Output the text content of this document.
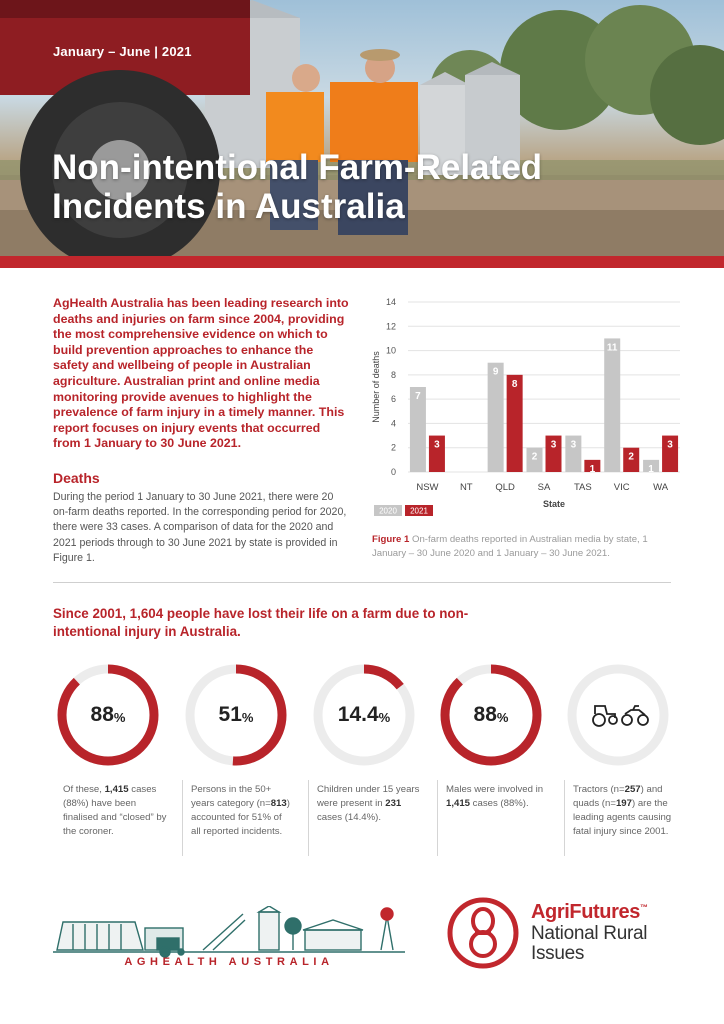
January – June | 2021
Non-intentional Farm-Related Incidents in Australia

AgHealth Australia has been leading research into deaths and injuries on farm since 2004, providing the most comprehensive evidence on which to build prevention approaches to enhance the safety and wellbeing of people in Australian agriculture. Australian print and online media monitoring provide avenues to highlight the prevalence of farm injury in a timely manner. This report focuses on injury events that occurred from 1 January to 30 June 2021.

Deaths

During the period 1 January to 30 June 2021, there were 20 on-farm deaths reported. In the corresponding period for 2020, there were 33 cases. A comparison of data for the 2020 and 2021 periods through to 30 June 2021 by state is provided in Figure 1.

0
2
4
6
8
10
12
14
Number of deaths	7
3
NSW NT
9
8
QLD
2
3
SA
3
1
TAS
11
2
VIC
1
3
WA
State
2020 2021

Figure 1 On-farm deaths reported in Australian media by state, 1 January – 30 June 2020 and 1 January – 30 June 2021.

Since 2001, 1,604 people have lost their life on a farm due to non-intentional injury in Australia.
88 %
Of these, 1,415 cases (88%) have been finalised and “closed” by the coroner.
51 %
Persons in the 50+ years category (n=813) accounted for 51% of all reported incidents.
14.4 %
Children under 15 years were present in 231 cases (14.4%).
88 %
Males were involved in 1,415 cases (88%).
Tractors (n=257) and quads (n=197) are the leading agents causing fatal injury since 2001.
AGHEALTH AUSTRALIA
AgriFutures™
National Rural
Issues
